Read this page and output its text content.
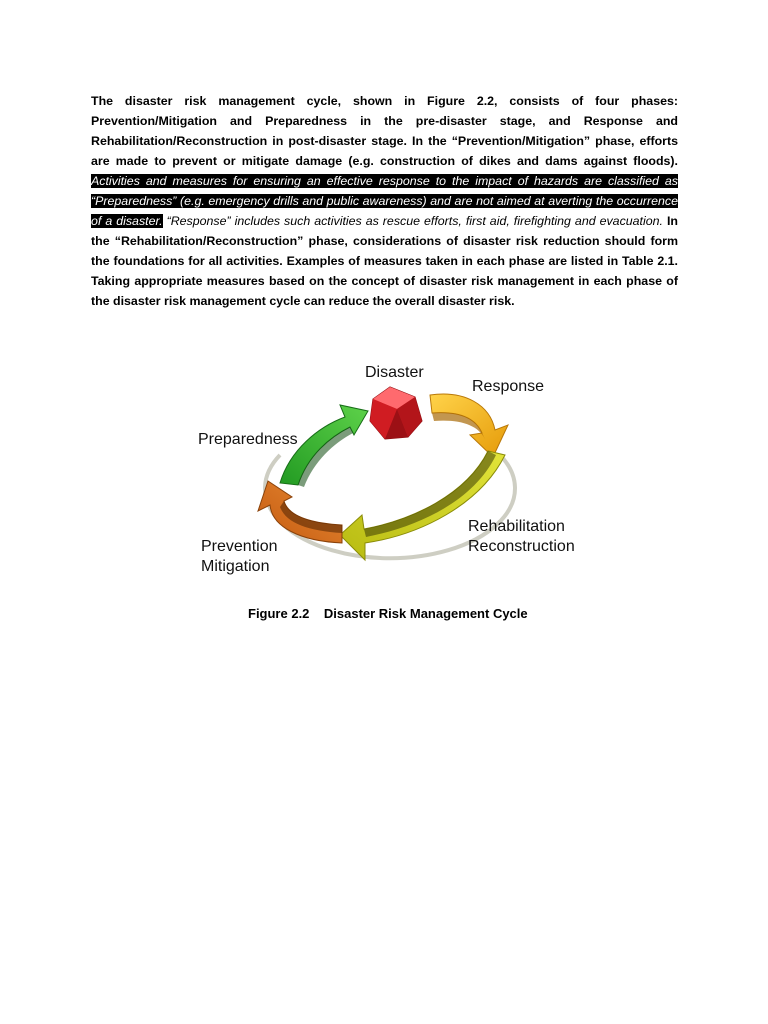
The disaster risk management cycle, shown in Figure 2.2, consists of four phases: Prevention/Mitigation and Preparedness in the pre-disaster stage, and Response and Rehabilitation/Reconstruction in post-disaster stage. In the “Prevention/Mitigation” phase, efforts are made to prevent or mitigate damage (e.g. construction of dikes and dams against floods). Activities and measures for ensuring an effective response to the impact of hazards are classified as “Preparedness” (e.g. emergency drills and public awareness) and are not aimed at averting the occurrence of a disaster. “Response” includes such activities as rescue efforts, first aid, firefighting and evacuation. In the “Rehabilitation/Reconstruction” phase, considerations of disaster risk reduction should form the foundations for all activities. Examples of measures taken in each phase are listed in Table 2.1. Taking appropriate measures based on the concept of disaster risk management in each phase of the disaster risk management cycle can reduce the overall disaster risk.
Disaster
Response
Preparedness
Rehabilitation
Reconstruction
Prevention
Mitigation
Figure 2.2 Disaster Risk Management Cycle
